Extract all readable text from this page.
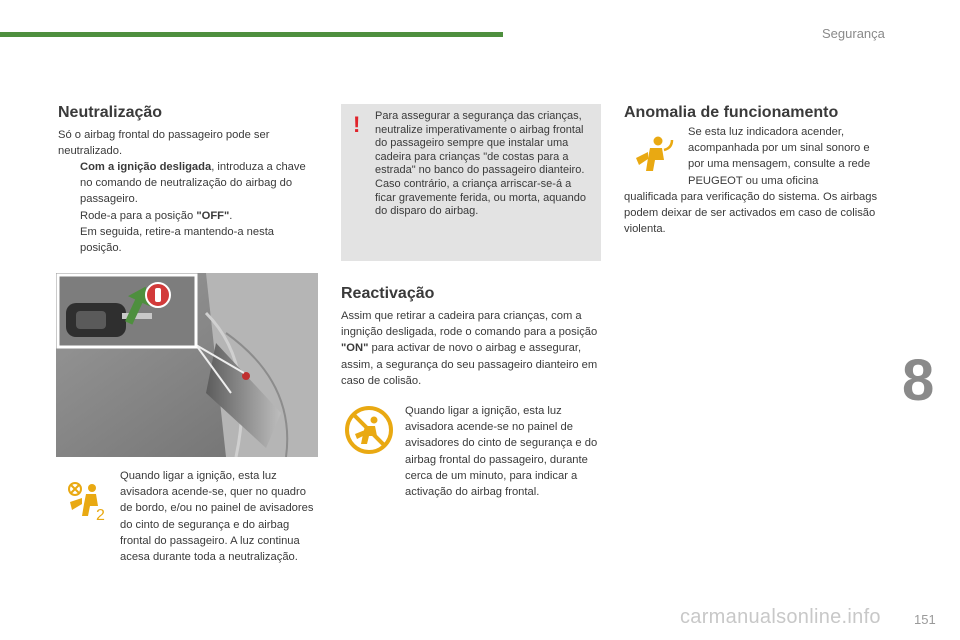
Segurança
8
carmanualsonline.info	151
Neutralização

Só o airbag frontal do passageiro pode ser neutralizado.

Com a ignição desligada, introduza a chave no comando de neutralização do airbag do passageiro.
Rode-a para a posição "OFF".
Em seguida, retire-a mantendo-a nesta posição.
2

Quando ligar a ignição, esta luz avisadora acende-se, quer no quadro de bordo, e/ou no painel de avisadores do cinto de segurança e do airbag frontal do passageiro. A luz continua acesa durante toda a neutralização.

! Para assegurar a segurança das crianças, neutralize imperativamente o airbag frontal do passageiro sempre que instalar uma cadeira para crianças "de costas para a estrada" no banco do passageiro dianteiro. Caso contrário, a criança arriscar-se-á a ficar gravemente ferida, ou morta, aquando do disparo do airbag.
Reactivação

Assim que retirar a cadeira para crianças, com a ingnição desligada, rode o comando para a posição "ON" para activar de novo o airbag e assegurar, assim, a segurança do seu passageiro dianteiro em caso de colisão.

Quando ligar a ignição, esta luz avisadora acende-se no painel de avisadores do cinto de segurança e do airbag frontal do passageiro, durante cerca de um minuto, para indicar a activação do airbag frontal.

Anomalia de funcionamento

Se esta luz indicadora acender, acompanhada por um sinal sonoro e por uma mensagem, consulte a rede PEUGEOT ou uma oficina

qualificada para verificação do sistema. Os airbags podem deixar de ser activados em caso de colisão violenta.
